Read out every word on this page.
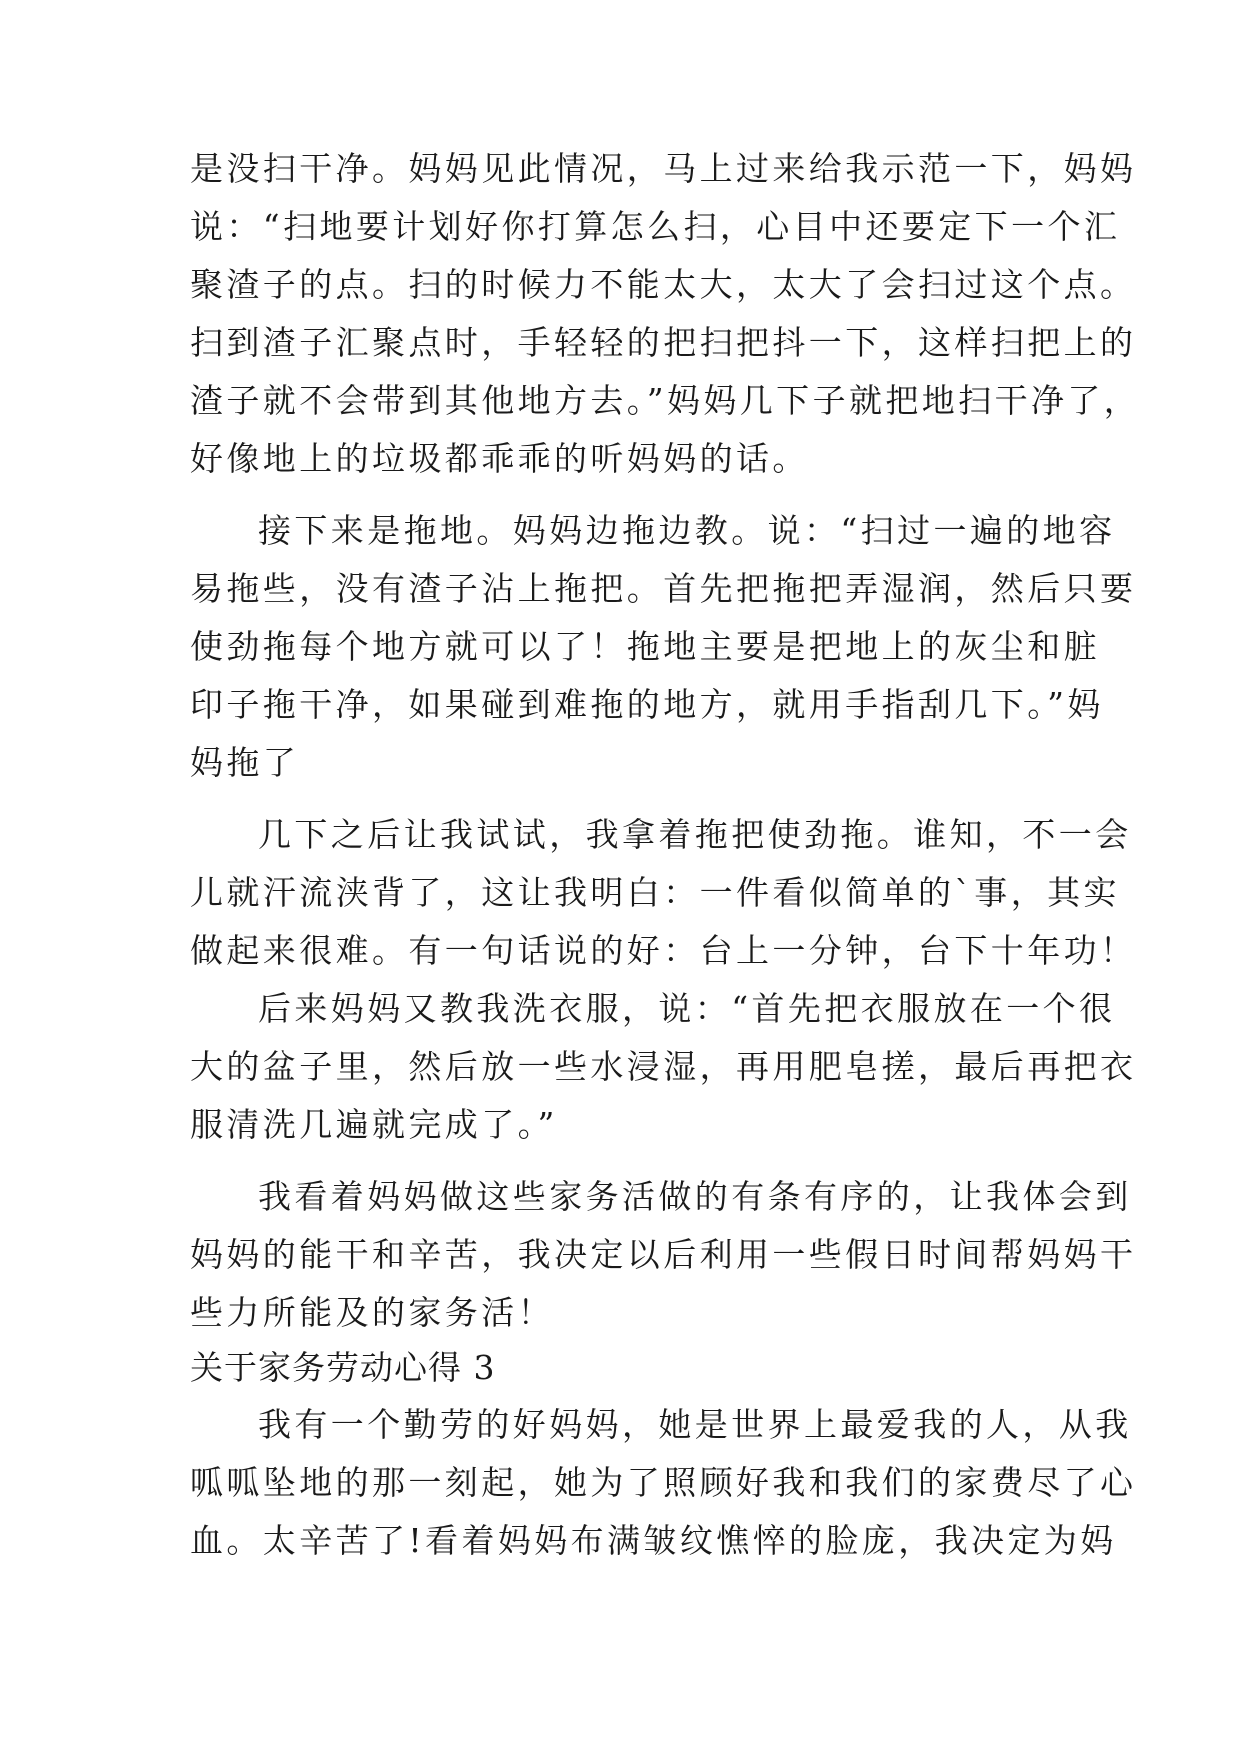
是没扫干净。妈妈见此情况，马上过来给我示范一下，妈妈
说：“扫地要计划好你打算怎么扫，心目中还要定下一个汇
聚渣子的点。扫的时候力不能太大，太大了会扫过这个点。
扫到渣子汇聚点时，手轻轻的把扫把抖一下，这样扫把上的
渣子就不会带到其他地方去。”妈妈几下子就把地扫干净了，
好像地上的垃圾都乖乖的听妈妈的话。
接下来是拖地。妈妈边拖边教。说：“扫过一遍的地容
易拖些，没有渣子沾上拖把。首先把拖把弄湿润，然后只要
使劲拖每个地方就可以了！拖地主要是把地上的灰尘和脏
印子拖干净，如果碰到难拖的地方，就用手指刮几下。”妈
妈拖了
几下之后让我试试，我拿着拖把使劲拖。谁知，不一会
儿就汗流浃背了，这让我明白：一件看似简单的`事，其实
做起来很难。有一句话说的好：台上一分钟，台下十年功！
后来妈妈又教我洗衣服，说：“首先把衣服放在一个很
大的盆子里，然后放一些水浸湿，再用肥皂搓，最后再把衣
服清洗几遍就完成了。”
我看着妈妈做这些家务活做的有条有序的，让我体会到
妈妈的能干和辛苦，我决定以后利用一些假日时间帮妈妈干
些力所能及的家务活！
关于家务劳动心得 3
我有一个勤劳的好妈妈，她是世界上最爱我的人，从我
呱呱坠地的那一刻起，她为了照顾好我和我们的家费尽了心
血。太辛苦了!看着妈妈布满皱纹憔悴的脸庞，我决定为妈
